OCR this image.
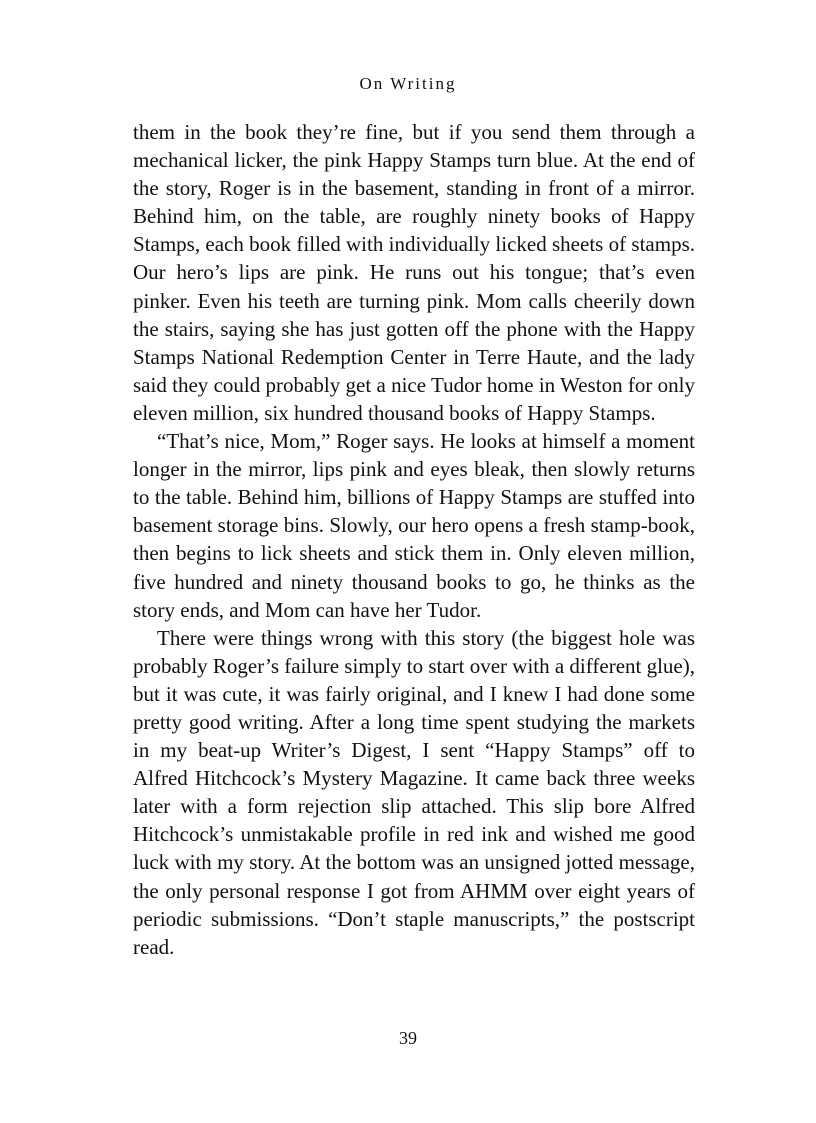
On Writing

them in the book they’re fine, but if you send them through a mechanical licker, the pink Happy Stamps turn blue. At the end of the story, Roger is in the basement, standing in front of a mirror. Behind him, on the table, are roughly ninety books of Happy Stamps, each book filled with individually licked sheets of stamps. Our hero’s lips are pink. He runs out his tongue; that’s even pinker. Even his teeth are turning pink. Mom calls cheerily down the stairs, saying she has just gotten off the phone with the Happy Stamps National Redemption Center in Terre Haute, and the lady said they could probably get a nice Tudor home in Weston for only eleven million, six hundred thousand books of Happy Stamps.

“That’s nice, Mom,” Roger says. He looks at himself a moment longer in the mirror, lips pink and eyes bleak, then slowly returns to the table. Behind him, billions of Happy Stamps are stuffed into basement storage bins. Slowly, our hero opens a fresh stamp-book, then begins to lick sheets and stick them in. Only eleven million, five hundred and ninety thousand books to go, he thinks as the story ends, and Mom can have her Tudor.

There were things wrong with this story (the biggest hole was probably Roger’s failure simply to start over with a different glue), but it was cute, it was fairly original, and I knew I had done some pretty good writing. After a long time spent studying the markets in my beat-up Writer’s Digest, I sent “Happy Stamps” off to Alfred Hitchcock’s Mystery Magazine. It came back three weeks later with a form rejection slip attached. This slip bore Alfred Hitchcock’s unmistakable profile in red ink and wished me good luck with my story. At the bottom was an unsigned jotted message, the only personal response I got from AHMM over eight years of periodic submissions. “Don’t staple manuscripts,” the postscript read.

39
